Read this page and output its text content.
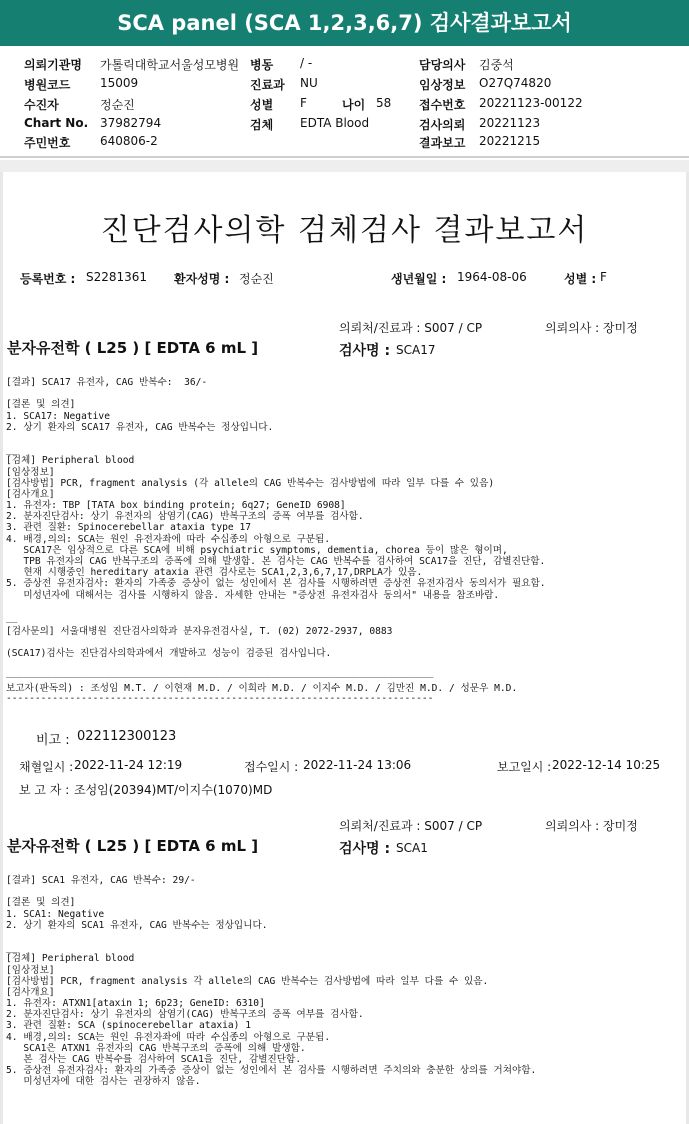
SCA panel (SCA 1,2,3,6,7) 검사결과보고서
의뢰기관명 가톨릭대학교서울성모병원
병원코드 15009
수진자	정순진
Chart No. 37982794
주민번호 640806-2
병동 / -
진료과 NU
성별 F	나이 58
검체 EDTA Blood
담당의사 김중석
임상정보 O27Q74820
접수번호 20221123-00122
검사의뢰 20221123
결과보고 20221215
진단검사의학 검체검사 결과보고서
등록번호 : S2281361 환자성명 : 정순진	생년월일 : 1964-08-06	성별 : F
의뢰처/진료과 : S007 / CP	의뢰의사 : 장미정
분자유전학 ( L25 ) [ EDTA 6 mL ]	검사명 : SCA17
[결과] SCA17 유전자, CAG 반복수:  36/-
[결론 및 의견]
1. SCA17: Negative
2. 상기 환자의 SCA17 유전자, CAG 반복수는 정상입니다.
__
[검체] Peripheral blood
[임상정보]
[검사방법] PCR, fragment analysis (각 allele의 CAG 반복수는 검사방법에 따라 일부 다를 수 있음)
[검사개요]
1. 유전자: TBP [TATA box binding protein; 6q27; GeneID 6908]
2. 분자진단검사: 상기 유전자의 삼염기(CAG) 반복구조의 증폭 여부를 검사함.
3. 관련 질환: Spinocerebellar ataxia type 17
4. 배경,의의: SCA는 원인 유전자좌에 따라 수십종의 아형으로 구분됨.
SCA17은 임상적으로 다른 SCA에 비해 psychiatric symptoms, dementia, chorea 등이 많은 형이며,
TPB 유전자의 CAG 반복구조의 증폭에 의해 발생함. 본 검사는 CAG 반복수를 검사하여 SCA17을 진단, 감별진단함.
현재 시행중인 hereditary ataxia 관련 검사로는 SCA1,2,3,6,7,17,DRPLA가 있음.
5. 증상전 유전자검사: 환자의 가족중 증상이 없는 성인에서 본 검사를 시행하려면 증상전 유전자검사 동의서가 필요함.
미성년자에 대해서는 검사를 시행하지 않음. 자세한 안내는 "증상전 유전자검사 동의서" 내용을 참조바람.
__
[검사문의] 서울대병원 진단검사의학과 분자유전검사실, T. (02) 2072-2937, 0883
(SCA17)검사는 진단검사의학과에서 개발하고 성능이 검증된 검사입니다.
__________________________________________________________________________
보고자(판독의) : 조성임 M.T. / 이현재 M.D. / 이희라 M.D. / 이지수 M.D. / 김만진 M.D. / 성문우 M.D.
--------------------------------------------------------------------------
비고 : 022112300123
채혈일시 : 2022-11-24 12:19	접수일시 : 2022-11-24 13:06	보고일시 : 2022-12-14 10:25
보 고 자 : 조성임(20394)MT/이지수(1070)MD
의뢰처/진료과 : S007 / CP	의뢰의사 : 장미정
분자유전학 ( L25 ) [ EDTA 6 mL ]	검사명 : SCA1
[결과] SCA1 유전자, CAG 반복수: 29/-
[결론 및 의견]
1. SCA1: Negative
2. 상기 환자의 SCA1 유전자, CAG 반복수는 정상입니다.
__
[검체] Peripheral blood
[임상정보]
[검사방법] PCR, fragment analysis 각 allele의 CAG 반복수는 검사방법에 따라 일부 다를 수 있음.
[검사개요]
1. 유전자: ATXN1[ataxin 1; 6p23; GeneID: 6310]
2. 분자진단검사: 상기 유전자의 삼염기(CAG) 반복구조의 증폭 여부를 검사함.
3. 관련 질환: SCA (spinocerebellar ataxia) 1
4. 배경,의의: SCA는 원인 유전자좌에 따라 수십종의 아형으로 구분됨.
SCA1은 ATXN1 유전자의 CAG 반복구조의 증폭에 의해 발생함.
본 검사는 CAG 반복수를 검사하여 SCA1을 진단, 감별진단함.
5. 증상전 유전자검사: 환자의 가족중 증상이 없는 성인에서 본 검사를 시행하려면 주치의와 충분한 상의를 거쳐야함.
미성년자에 대한 검사는 권장하지 않음.
